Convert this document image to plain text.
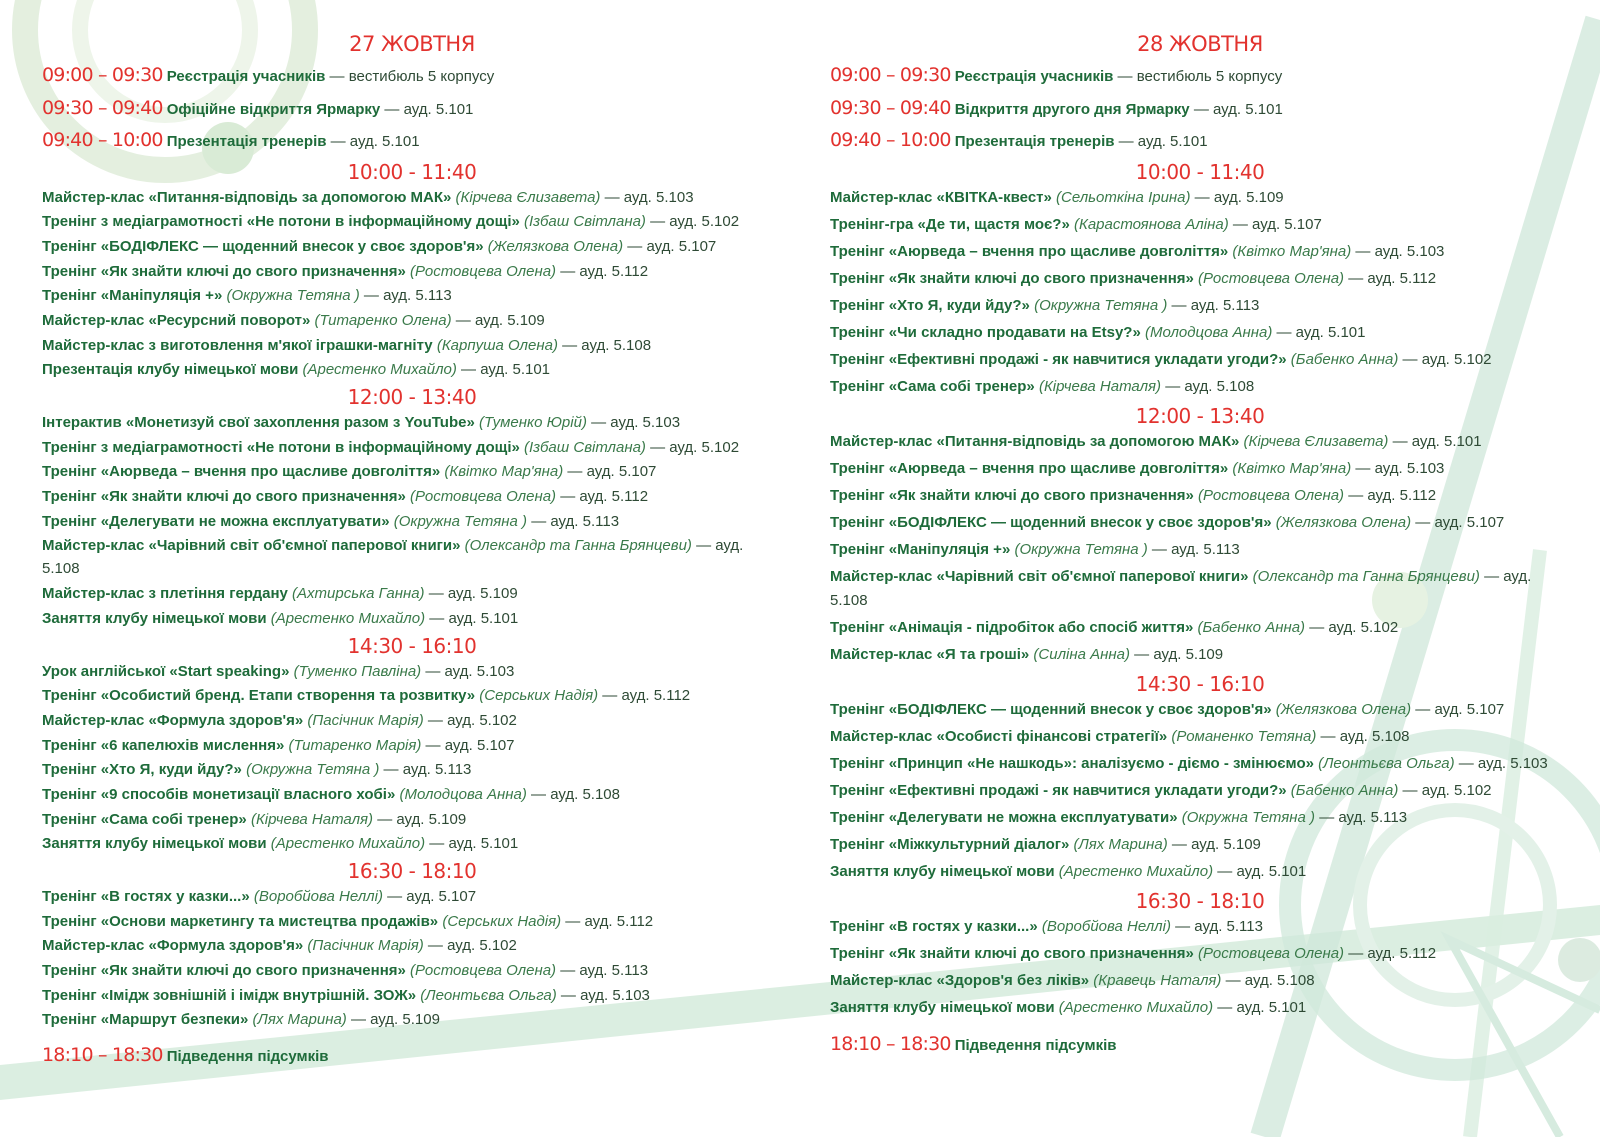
27 ЖОВТНЯ
09:00 – 09:30 Реєстрація учасників — вестибюль 5 корпусу
09:30 – 09:40 Офіційне відкриття Ярмарку — ауд. 5.101
09:40 – 10:00 Презентація тренерів — ауд. 5.101
10:00 - 11:40
Майстер-клас «Питання-відповідь за допомогою МАК» (Кірчева Єлизавета) — ауд. 5.103
Тренінг з медіаграмотності «Не потони в інформаційному дощі» (Ізбаш Світлана) — ауд. 5.102
Тренінг «БОДІФЛЕКС — щоденний внесок у своє здоров'я» (Желязкова Олена) — ауд. 5.107
Тренінг «Як знайти ключі до свого призначення» (Ростовцева Олена) — ауд. 5.112
Тренінг «Маніпуляція +» (Окружна Тетяна ) — ауд. 5.113
Майстер-клас «Ресурсний поворот» (Титаренко Олена) — ауд. 5.109
Майстер-клас з виготовлення м'якої іграшки-магніту (Карпуша Олена) — ауд. 5.108
Презентація клубу німецької мови (Арестенко Михайло) — ауд. 5.101
12:00 - 13:40
Інтерактив «Монетизуй свої захоплення разом з YouTube» (Туменко Юрій) — ауд. 5.103
Тренінг з медіаграмотності «Не потони в інформаційному дощі» (Ізбаш Світлана) — ауд. 5.102
Тренінг «Аюрведа – вчення про щасливе довголіття» (Квітко Мар'яна) — ауд. 5.107
Тренінг «Як знайти ключі до свого призначення» (Ростовцева Олена) — ауд. 5.112
Тренінг «Делегувати не можна експлуатувати» (Окружна Тетяна ) — ауд. 5.113
Майстер-клас «Чарівний світ об'ємної паперової книги» (Олександр та Ганна Брянцеви) — ауд. 5.108
Майстер-клас з плетіння гердану (Ахтирська Ганна) — ауд. 5.109
Заняття клубу німецької мови (Арестенко Михайло) — ауд. 5.101
14:30 - 16:10
Урок англійської «Start speaking» (Туменко Павліна) — ауд. 5.103
Тренінг «Особистий бренд. Етапи створення та розвитку» (Серських Надія) — ауд. 5.112
Майстер-клас «Формула здоров'я» (Пасічник Марія) — ауд. 5.102
Тренінг «6 капелюхів мислення» (Титаренко Марія) — ауд. 5.107
Тренінг «Хто Я, куди йду?» (Окружна Тетяна ) — ауд. 5.113
Тренінг «9 способів монетизації власного хобі» (Молодцова Анна) — ауд. 5.108
Тренінг «Сама собі тренер» (Кірчева Наталя) — ауд. 5.109
Заняття клубу німецької мови (Арестенко Михайло) — ауд. 5.101
16:30 - 18:10
Тренінг «В гостях у казки...» (Воробйова Неллі) — ауд. 5.107
Тренінг «Основи маркетингу та мистецтва продажів» (Серських Надія) — ауд. 5.112
Майстер-клас «Формула здоров'я» (Пасічник Марія) — ауд. 5.102
Тренінг «Як знайти ключі до свого призначення» (Ростовцева Олена) — ауд. 5.113
Тренінг «Імідж зовнішній і імідж внутрішній. ЗОЖ» (Леонтьєва Ольга) — ауд. 5.103
Тренінг «Маршрут безпеки» (Лях Марина) — ауд. 5.109
18:10 – 18:30 Підведення підсумків
28 ЖОВТНЯ
09:00 – 09:30 Реєстрація учасників — вестибюль 5 корпусу
09:30 – 09:40 Відкриття другого дня Ярмарку — ауд. 5.101
09:40 – 10:00 Презентація тренерів — ауд. 5.101
10:00 - 11:40
Майстер-клас «КВІТКА-квест» (Сельоткіна Ірина) — ауд. 5.109
Тренінг-гра «Де ти, щастя моє?» (Карастоянова Аліна) — ауд. 5.107
Тренінг «Аюрведа – вчення про щасливе довголіття» (Квітко Мар'яна) — ауд. 5.103
Тренінг «Як знайти ключі до свого призначення» (Ростовцева Олена) — ауд. 5.112
Тренінг «Хто Я, куди йду?» (Окружна Тетяна ) — ауд. 5.113
Тренінг «Чи складно продавати на Etsy?» (Молодцова Анна) — ауд. 5.101
Тренінг «Ефективні продажі - як навчитися укладати угоди?» (Бабенко Анна) — ауд. 5.102
Тренінг «Сама собі тренер» (Кірчева Наталя) — ауд. 5.108
12:00 - 13:40
Майстер-клас «Питання-відповідь за допомогою МАК» (Кірчева Єлизавета) — ауд. 5.101
Тренінг «Аюрведа – вчення про щасливе довголіття» (Квітко Мар'яна) — ауд. 5.103
Тренінг «Як знайти ключі до свого призначення» (Ростовцева Олена) — ауд. 5.112
Тренінг «БОДІФЛЕКС — щоденний внесок у своє здоров'я» (Желязкова Олена) — ауд. 5.107
Тренінг «Маніпуляція +» (Окружна Тетяна ) — ауд. 5.113
Майстер-клас «Чарівний світ об'ємної паперової книги» (Олександр та Ганна Брянцеви) — ауд. 5.108
Тренінг «Анімація - підробіток або спосіб життя» (Бабенко Анна) — ауд. 5.102
Майстер-клас «Я та гроші» (Силіна Анна) — ауд. 5.109
14:30 - 16:10
Тренінг «БОДІФЛЕКС — щоденний внесок у своє здоров'я» (Желязкова Олена) — ауд. 5.107
Майстер-клас «Особисті фінансові стратегії» (Романенко Тетяна) — ауд. 5.108
Тренінг «Принцип «Не нашкодь»: аналізуємо - діємо - змінюємо» (Леонтьєва Ольга) — ауд. 5.103
Тренінг «Ефективні продажі - як навчитися укладати угоди?» (Бабенко Анна) — ауд. 5.102
Тренінг «Делегувати не можна експлуатувати» (Окружна Тетяна ) — ауд. 5.113
Тренінг «Міжкультурний діалог» (Лях Марина) — ауд. 5.109
Заняття клубу німецької мови (Арестенко Михайло) — ауд. 5.101
16:30 - 18:10
Тренінг «В гостях у казки...» (Воробйова Неллі) — ауд. 5.113
Тренінг «Як знайти ключі до свого призначення» (Ростовцева Олена) — ауд. 5.112
Майстер-клас «Здоров'я без ліків» (Кравець Наталя) — ауд. 5.108
Заняття клубу німецької мови (Арестенко Михайло) — ауд. 5.101
18:10 – 18:30 Підведення підсумків
